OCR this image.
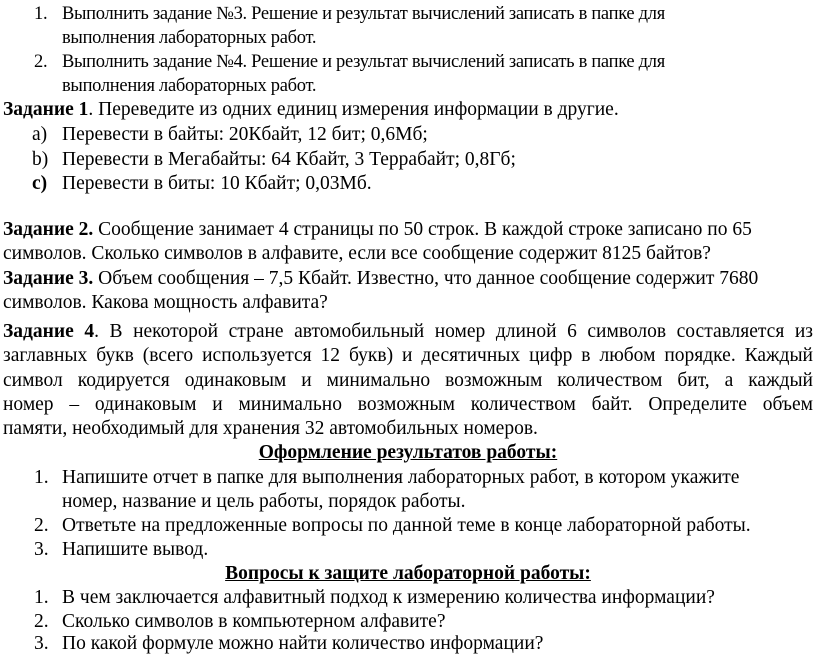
1. Выполнить задание №3. Решение и результат вычислений записать в папке для
выполнения лабораторных работ.
2. Выполнить задание №4. Решение и результат вычислений записать в папке для
выполнения лабораторных работ.
Задание 1. Переведите из одних единиц измерения информации в другие.
a) Перевести в байты: 20Кбайт, 12 бит; 0,6Мб;
b) Перевести в Мегабайты: 64 Кбайт, 3 Террабайт; 0,8Гб;
c) Перевести в биты: 10 Кбайт; 0,03Мб.
Задание 2. Сообщение занимает 4 страницы по 50 строк. В каждой строке записано по 65
символов. Сколько символов в алфавите, если все сообщение содержит 8125 байтов?
Задание 3. Объем сообщения – 7,5 Кбайт. Известно, что данное сообщение содержит 7680
символов. Какова мощность алфавита?
Задание 4. В некоторой стране автомобильный номер длиной 6 символов составляется из
заглавных букв (всего используется 12 букв) и десятичных цифр в любом порядке. Каждый
символ кодируется одинаковым и минимально возможным количеством бит, а каждый
номер – одинаковым и минимально возможным количеством байт. Определите объем
памяти, необходимый для хранения 32 автомобильных номеров.
Оформление результатов работы:
1. Напишите отчет в папке для выполнения лабораторных работ, в котором укажите
номер, название и цель работы, порядок работы.
2. Ответьте на предложенные вопросы по данной теме в конце лабораторной работы.
3. Напишите вывод.
Вопросы к защите лабораторной работы:
1. В чем заключается алфавитный подход к измерению количества информации?
2. Сколько символов в компьютерном алфавите?
3. По какой формуле можно найти количество информации?
